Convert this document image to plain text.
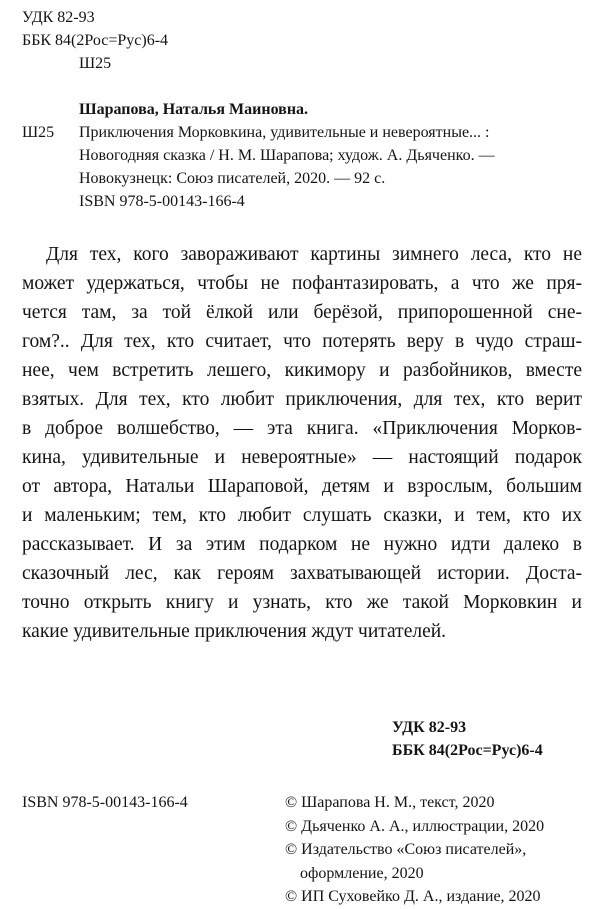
УДК 82-93
ББК 84(2Рос=Рус)6-4
Ш25
Шарапова, Наталья Маиновна.
Ш25	Приключения Морковкина, удивительные и невероятные... :
Новогодняя сказка / Н. М. Шарапова; худож. А. Дьяченко. —
Новокузнецк: Союз писателей, 2020. — 92 с.
ISBN 978-5-00143-166-4
Для тех, кого завораживают картины зимнего леса, кто не
может удержаться, чтобы не пофантазировать, а что же пря-
чется там, за той ёлкой или берёзой, припорошенной сне-
гом?.. Для тех, кто считает, что потерять веру в чудо страш-
нее, чем встретить лешего, кикимору и разбойников, вместе
взятых. Для тех, кто любит приключения, для тех, кто верит
в доброе волшебство, — эта книга. «Приключения Морков-
кина, удивительные и невероятные» — настоящий подарок
от автора, Натальи Шараповой, детям и взрослым, большим
и маленьким; тем, кто любит слушать сказки, и тем, кто их
рассказывает. И за этим подарком не нужно идти далеко в
сказочный лес, как героям захватывающей истории. Доста-
точно открыть книгу и узнать, кто же такой Морковкин и
какие удивительные приключения ждут читателей.
УДК 82-93
ББК 84(2Рос=Рус)6-4
ISBN 978-5-00143-166-4	© Шарапова Н. М., текст, 2020
© Дьяченко А. А., иллюстрации, 2020
© Издательство «Союз писателей»,
оформление, 2020
© ИП Суховейко Д. А., издание, 2020
